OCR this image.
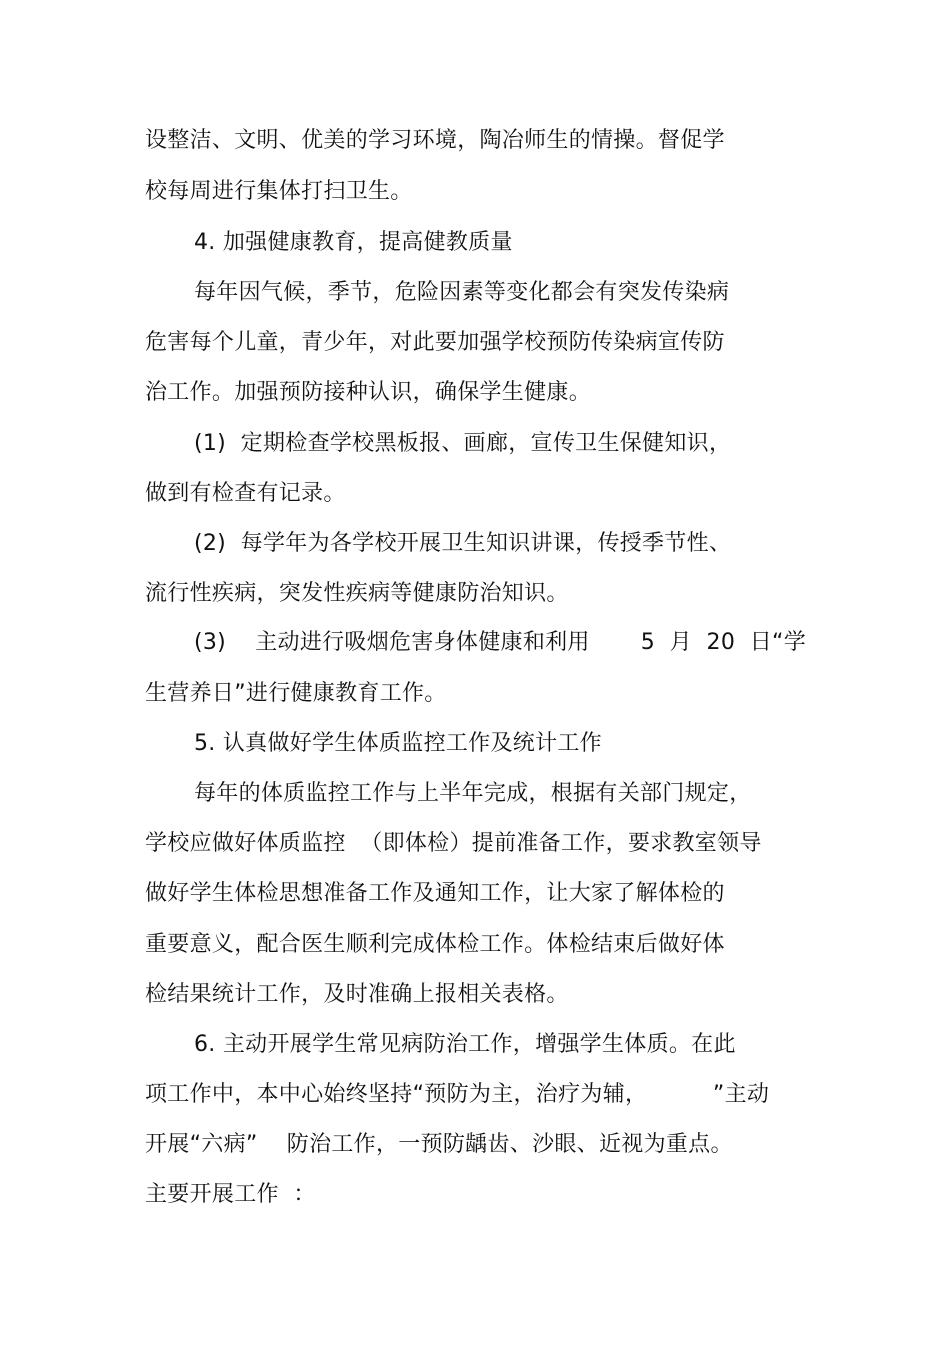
设整洁、文明、优美的学习环境，陶冶师生的情操。督促学
校每周进行集体打扫卫生。
4. 加强健康教育，提高健教质量
每年因气候，季节，危险因素等变化都会有突发传染病
危害每个儿童，青少年，对此要加强学校预防传染病宣传防
治工作。加强预防接种认识，确保学生健康。
(1)  定期检查学校黑板报、画廊，宣传卫生保健知识，
做到有检查有记录。
(2)  每学年为各学校开展卫生知识讲课，传授季节性、
流行性疾病，突发性疾病等健康防治知识。
(3)    主动进行吸烟危害身体健康和利用       5  月  20  日“学
生营养日”进行健康教育工作。
5. 认真做好学生体质监控工作及统计工作
每年的体质监控工作与上半年完成，根据有关部门规定，
学校应做好体质监控  （即体检）提前准备工作，要求教室领导
做好学生体检思想准备工作及通知工作，让大家了解体检的
重要意义，配合医生顺利完成体检工作。体检结束后做好体
检结果统计工作，及时准确上报相关表格。
6. 主动开展学生常见病防治工作，增强学生体质。在此
项工作中，本中心始终坚持“预防为主，治疗为辅，         ”主动
开展“六病”    防治工作，一预防龋齿、沙眼、近视为重点。
主要开展工作  ：
